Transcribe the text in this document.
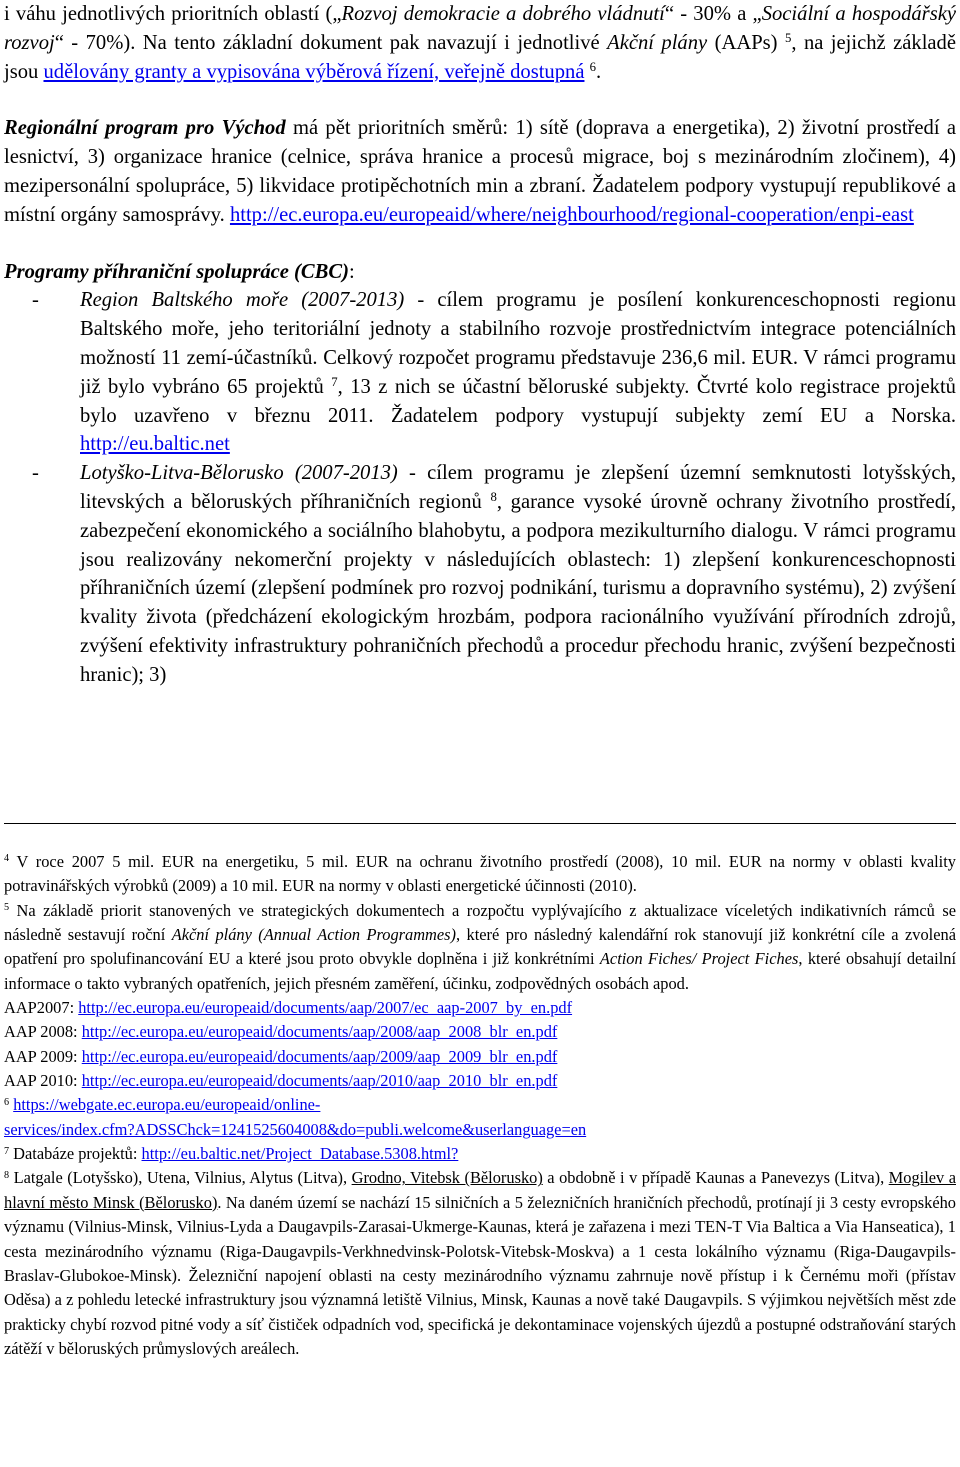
i váhu jednotlivých prioritních oblastí („Rozvoj demokracie a dobrého vládnutí“ - 30% a „Sociální a hospodářský rozvoj“ - 70%). Na tento základní dokument pak navazují i jednotlivé Akční plány (AAPs) $^5$, na jejichž základě jsou udělovány granty a vypisována výběrová řízení, veřejně dostupná $^6$.

Regionální program pro Východ má pět prioritních směrů: 1) sítě (doprava a energetika), 2) životní prostředí a lesnictví, 3) organizace hranice (celnice, správa hranice a procesů migrace, boj s mezinárodním zločinem), 4) mezipersonální spolupráce, 5) likvidace protipěchotních min a zbraní. Žadatelem podpory vystupují republikové a místní orgány samosprávy. http://ec.europa.eu/europeaid/where/neighbourhood/regional-cooperation/enpi-east

Programy příhraniční spolupráce (CBC):

- Region Baltského moře (2007-2013) - cílem programu je posílení konkurenceschopnosti regionu Baltského moře, jeho teritoriální jednoty a stabilního rozvoje prostřednictvím integrace potenciálních možností 11 zemí-účastníků. Celkový rozpočet programu představuje 236,6 mil. EUR. V rámci programu již bylo vybráno 65 projektů $^7$, 13 z nich se účastní běloruské subjekty. Čtvrté kolo registrace projektů bylo uzavřeno v březnu 2011. Žadatelem podpory vystupují subjekty zemí EU a Norska. http://eu.baltic.net
- Lotyško-Litva-Bělorusko (2007-2013) - cílem programu je zlepšení územní semknutosti lotyšských, litevských a běloruských příhraničních regionů $^8$, garance vysoké úrovně ochrany životního prostředí, zabezpečení ekonomického a sociálního blahobytu, a podpora mezikulturního dialogu. V rámci programu jsou realizovány nekomerční projekty v následujících oblastech: 1) zlepšení konkurenceschopnosti příhraničních území (zlepšení podmínek pro rozvoj podnikání, turismu a dopravního systému), 2) zvýšení kvality života (předcházení ekologickým hrozbám, podpora racionálního využívání přírodních zdrojů, zvýšení efektivity infrastruktury pohraničních přechodů a procedur přechodu hranic, zvýšení bezpečnosti hranic); 3)

$^4$ V roce 2007 5 mil. EUR na energetiku, 5 mil. EUR na ochranu životního prostředí (2008), 10 mil. EUR na normy v oblasti kvality potravinářských výrobků (2009) a 10 mil. EUR na normy v oblasti energetické účinnosti (2010).

$^5$ Na základě priorit stanovených ve strategických dokumentech a rozpočtu vyplývajícího z aktualizace víceletých indikativních rámců se následně sestavují roční Akční plány (Annual Action Programmes), které pro následný kalendářní rok stanovují již konkrétní cíle a zvolená opatření pro spolufinancování EU a které jsou proto obvykle doplněna i již konkrétními Action Fiches/ Project Fiches, které obsahují detailní informace o takto vybraných opatřeních, jejich přesném zaměření, účinku, zodpovědných osobách apod.

AAP2007: http://ec.europa.eu/europeaid/documents/aap/2007/ec_aap-2007_by_en.pdf

AAP 2008: http://ec.europa.eu/europeaid/documents/aap/2008/aap_2008_blr_en.pdf

AAP 2009: http://ec.europa.eu/europeaid/documents/aap/2009/aap_2009_blr_en.pdf

AAP 2010: http://ec.europa.eu/europeaid/documents/aap/2010/aap_2010_blr_en.pdf

$^6$ https://webgate.ec.europa.eu/europeaid/online-
services/index.cfm?ADSSChck=1241525604008&do=publi.welcome&userlanguage=en

$^7$ Databáze projektů: http://eu.baltic.net/Project_Database.5308.html?

$^8$ Latgale (Lotyšsko), Utena, Vilnius, Alytus (Litva), Grodno, Vitebsk (Bělorusko) a obdobně i v případě Kaunas a Panevezys (Litva), Mogilev a hlavní město Minsk (Bělorusko). Na daném území se nachází 15 silničních a 5 železničních hraničních přechodů, protínají ji 3 cesty evropského významu (Vilnius-Minsk, Vilnius-Lyda a Daugavpils-Zarasai-Ukmerge-Kaunas, která je zařazena i mezi TEN-T Via Baltica a Via Hanseatica), 1 cesta mezinárodního významu (Riga-Daugavpils-Verkhnedvinsk-Polotsk-Vitebsk-Moskva) a 1 cesta lokálního významu (Riga-Daugavpils-Braslav-Glubokoe-Minsk). Železniční napojení oblasti na cesty mezinárodního významu zahrnuje nově přístup i k Černému moři (přístav Oděsa) a z pohledu letecké infrastruktury jsou významná letiště Vilnius, Minsk, Kaunas a nově také Daugavpils. S výjimkou největších měst zde prakticky chybí rozvod pitné vody a síť čističek odpadních vod, specifická je dekontaminace vojenských újezdů a postupné odstraňování starých zátěží v běloruských průmyslových areálech.
